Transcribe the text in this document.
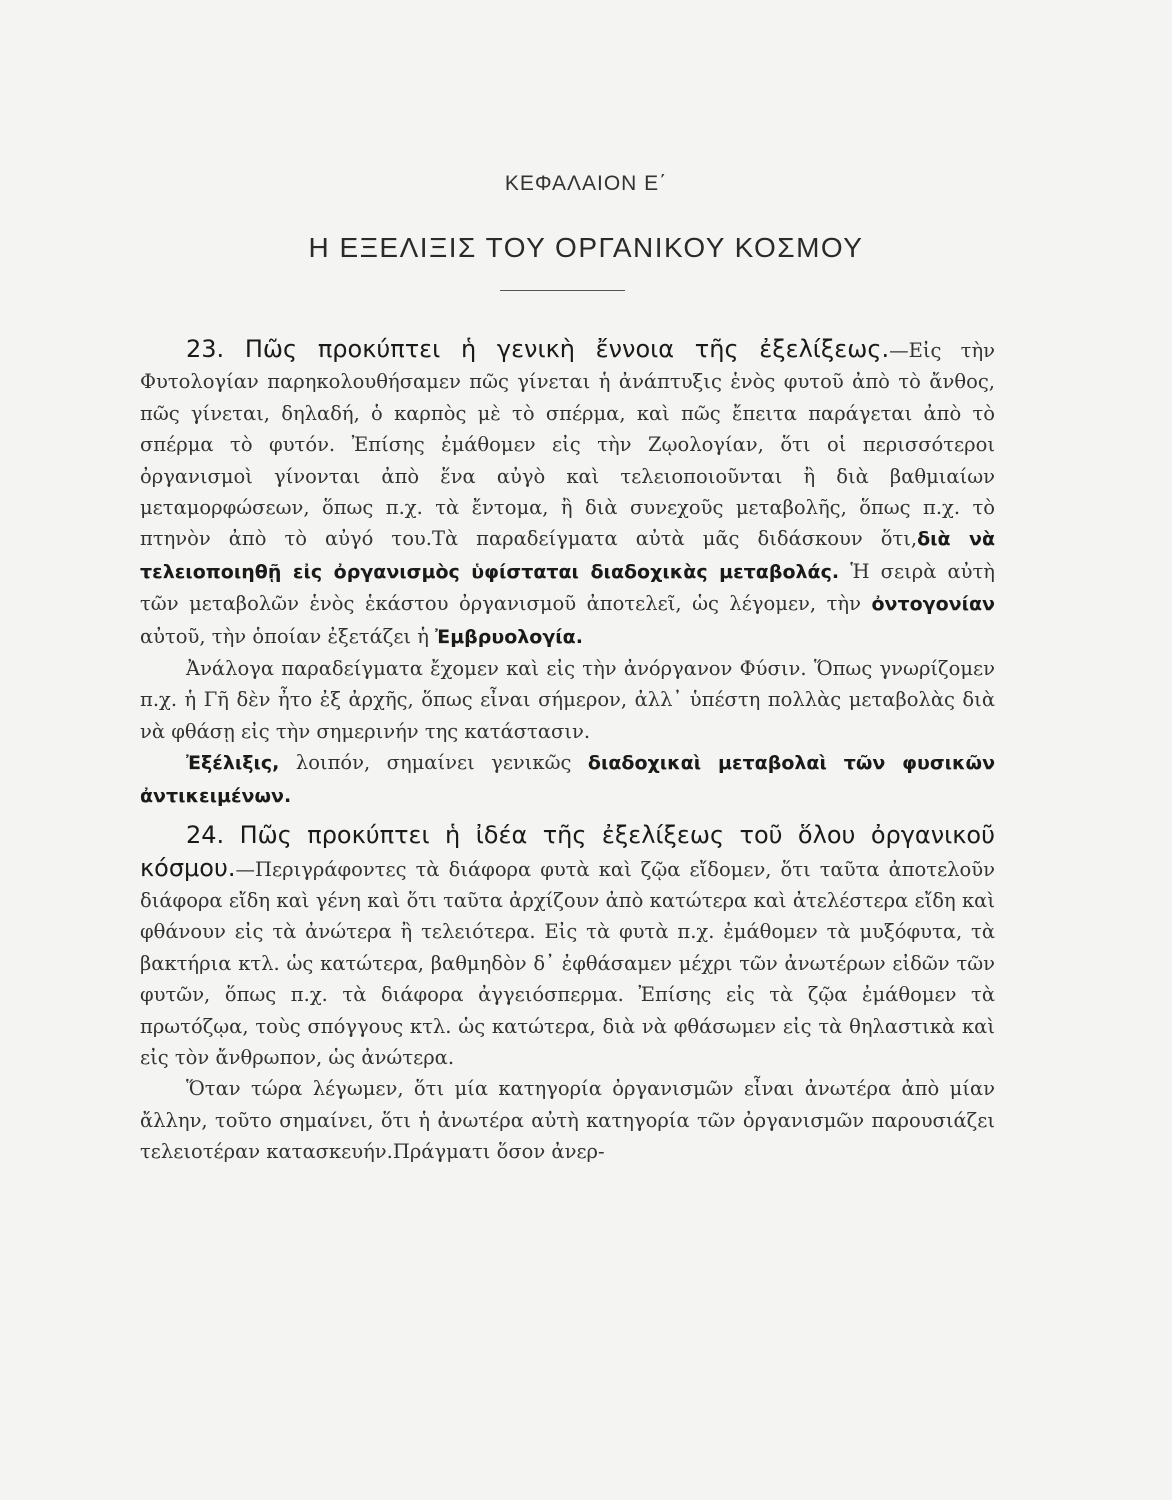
ΚΕΦΑΛΑΙΟΝ Ε΄
Η ΕΞΕΛΙΞΙΣ ΤΟΥ ΟΡΓΑΝΙΚΟΥ ΚΟΣΜΟΥ

23. Πῶς προκύπτει ἡ γενικὴ ἔννοια τῆς ἐξελίξεως.—Εἰς τὴν Φυτολογίαν παρηκολουθήσαμεν πῶς γίνεται ἡ ἀνάπτυξις ἑνὸς φυτοῦ ἀπὸ τὸ ἄνθος, πῶς γίνεται, δηλαδή, ὁ καρπὸς μὲ τὸ σπέρμα, καὶ πῶς ἔπειτα παράγεται ἀπὸ τὸ σπέρμα τὸ φυτόν. Ἐπίσης ἐμάθομεν εἰς τὴν Ζῳολογίαν, ὅτι οἱ περισσότεροι ὀργανισμοὶ γίνονται ἀπὸ ἕνα αὐγὸ καὶ τελειοποιοῦνται ἢ διὰ βαθμιαίων μεταμορφώσεων, ὅπως π.χ. τὰ ἔντομα, ἢ διὰ συνεχοῦς μεταβολῆς, ὅπως π.χ. τὸ πτηνὸν ἀπὸ τὸ αὐγό του.Τὰ παραδείγματα αὐτὰ μᾶς διδάσκουν ὅτι,διὰ νὰ τελειοποιηθῇ εἰς ὀργανισμὸς ὑφίσταται διαδοχικὰς μεταβολάς. Ἡ σειρὰ αὐτὴ τῶν μεταβολῶν ἑνὸς ἑκάστου ὀργανισμοῦ ἀποτελεῖ, ὡς λέγομεν, τὴν ὀντογονίαν αὐτοῦ, τὴν ὁποίαν ἐξετάζει ἡ Ἐμβρυολογία.

Ἀνάλογα παραδείγματα ἔχομεν καὶ εἰς τὴν ἀνόργανον Φύσιν. Ὅπως γνωρίζομεν π.χ. ἡ Γῆ δὲν ἦτο ἐξ ἀρχῆς, ὅπως εἶναι σήμερον, ἀλλ᾽ ὑπέστη πολλὰς μεταβολὰς διὰ νὰ φθάσῃ εἰς τὴν σημερινήν της κατάστασιν.

Ἐξέλιξις, λοιπόν, σημαίνει γενικῶς διαδοχικαὶ μεταβολαὶ τῶν φυσικῶν ἀντικειμένων.

24. Πῶς προκύπτει ἡ ἰδέα τῆς ἐξελίξεως τοῦ ὅλου ὀργανικοῦ κόσμου.—Περιγράφοντες τὰ διάφορα φυτὰ καὶ ζῷα εἴδομεν, ὅτι ταῦτα ἀποτελοῦν διάφορα εἴδη καὶ γένη καὶ ὅτι ταῦτα ἀρχίζουν ἀπὸ κατώτερα καὶ ἀτελέστερα εἴδη καὶ φθάνουν εἰς τὰ ἀνώτερα ἢ τελειότερα. Εἰς τὰ φυτὰ π.χ. ἐμάθομεν τὰ μυξόφυτα, τὰ βακτήρια κτλ. ὡς κατώτερα, βαθμηδὸν δ᾽ ἐφθάσαμεν μέχρι τῶν ἀνωτέρων εἰδῶν τῶν φυτῶν, ὅπως π.χ. τὰ διάφορα ἀγγειόσπερμα. Ἐπίσης εἰς τὰ ζῷα ἐμάθομεν τὰ πρωτόζῳα, τοὺς σπόγγους κτλ. ὡς κατώτερα, διὰ νὰ φθάσωμεν εἰς τὰ θηλαστικὰ καὶ εἰς τὸν ἄνθρωπον, ὡς ἀνώτερα.

Ὅταν τώρα λέγωμεν, ὅτι μία κατηγορία ὀργανισμῶν εἶναι ἀνωτέρα ἀπὸ μίαν ἄλλην, τοῦτο σημαίνει, ὅτι ἡ ἀνωτέρα αὐτὴ κατηγορία τῶν ὀργανισμῶν παρουσιάζει τελειοτέραν κατασκευήν.Πράγματι ὅσον ἀνερ-
